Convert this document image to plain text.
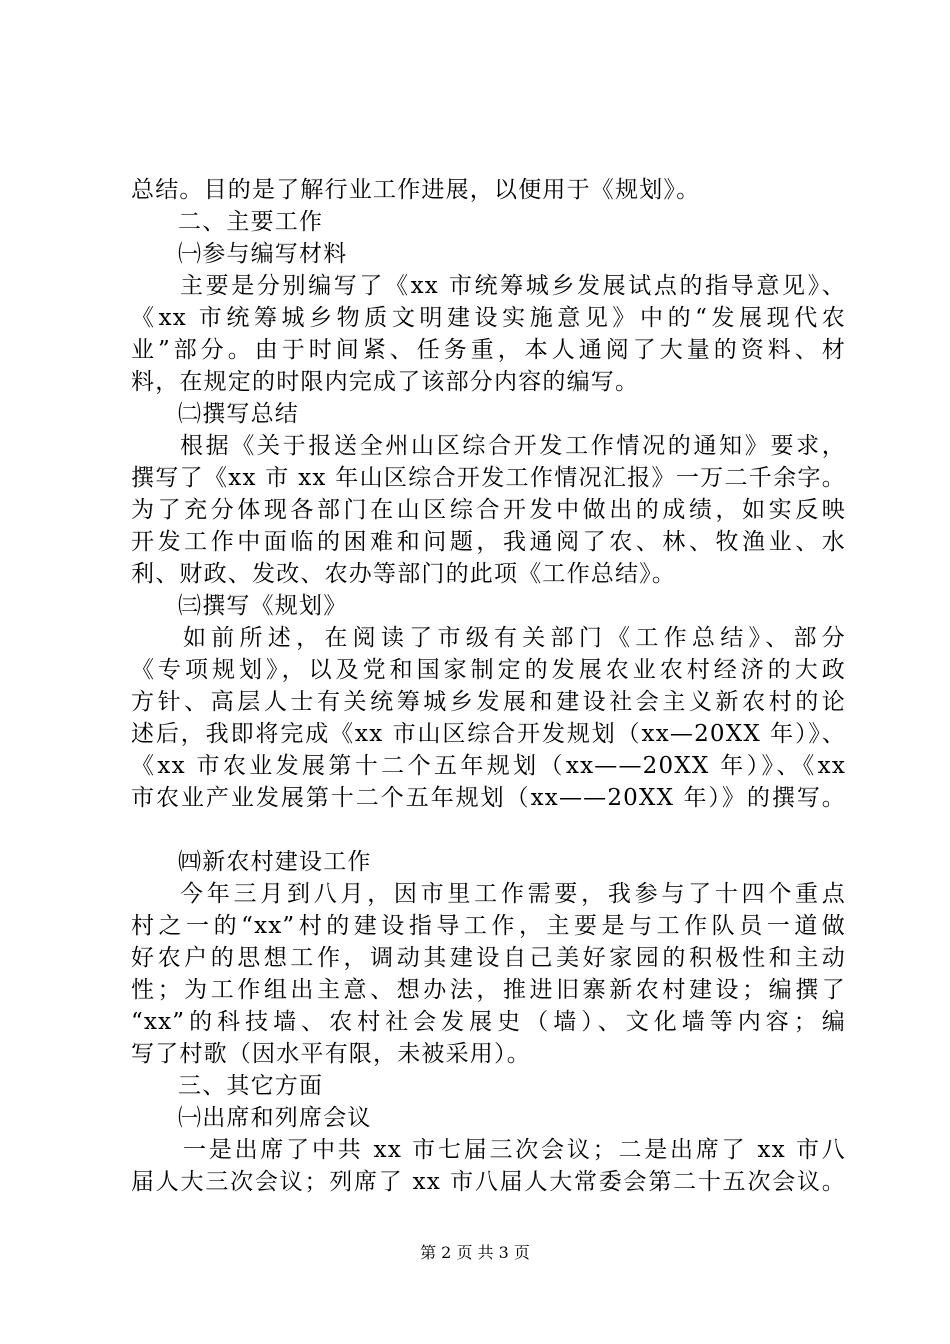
总结。目的是了解行业工作进展，以便用于《规划》。
二、主要工作
㈠参与编写材料
主要是分别编写了《xx 市统筹城乡发展试点的指导意见》、
《xx 市统筹城乡物质文明建设实施意见》中的“发展现代农
业”部分。由于时间紧、任务重，本人通阅了大量的资料、材
料，在规定的时限内完成了该部分内容的编写。
㈡撰写总结
根据《关于报送全州山区综合开发工作情况的通知》要求，
撰写了《xx 市 xx 年山区综合开发工作情况汇报》一万二千余字。
为了充分体现各部门在山区综合开发中做出的成绩，如实反映
开发工作中面临的困难和问题，我通阅了农、林、牧渔业、水
利、财政、发改、农办等部门的此项《工作总结》。
㈢撰写《规划》
如前所述，在阅读了市级有关部门《工作总结》、部分
《专项规划》，以及党和国家制定的发展农业农村经济的大政
方针、高层人士有关统筹城乡发展和建设社会主义新农村的论
述后，我即将完成《xx 市山区综合开发规划（xx—20XX 年）》、
《xx 市农业发展第十二个五年规划（xx——20XX 年）》、《xx
市农业产业发展第十二个五年规划（xx——20XX 年）》的撰写。
㈣新农村建设工作
今年三月到八月，因市里工作需要，我参与了十四个重点
村之一的“xx”村的建设指导工作，主要是与工作队员一道做
好农户的思想工作，调动其建设自己美好家园的积极性和主动
性；为工作组出主意、想办法，推进旧寨新农村建设；编撰了
“xx”的科技墙、农村社会发展史（墙）、文化墙等内容；编
写了村歌（因水平有限，未被采用）。
三、其它方面
㈠出席和列席会议
一是出席了中共 xx 市七届三次会议；二是出席了 xx 市八
届人大三次会议；列席了 xx 市八届人大常委会第二十五次会议。
第 2 页 共 3 页
